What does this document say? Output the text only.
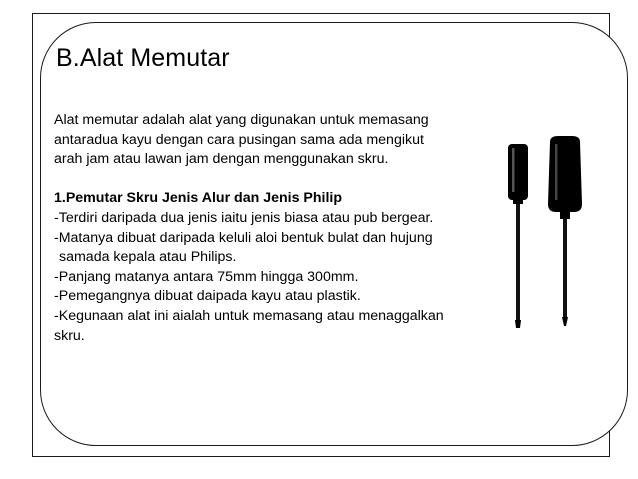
B.Alat Memutar

Alat memutar adalah alat yang digunakan untuk memasang

antaradua kayu dengan cara pusingan sama ada mengikut

arah jam atau lawan jam dengan menggunakan skru.

1.Pemutar Skru Jenis Alur dan Jenis Philip

-Terdiri daripada dua jenis iaitu jenis biasa atau pub bergear.

-Matanya dibuat daripada keluli aloi bentuk bulat dan hujung

samada kepala atau Philips.

-Panjang matanya antara 75mm hingga 300mm.

-Pemegangnya dibuat daipada kayu atau plastik.

-Kegunaan alat ini aialah untuk memasang atau menaggalkan

skru.
